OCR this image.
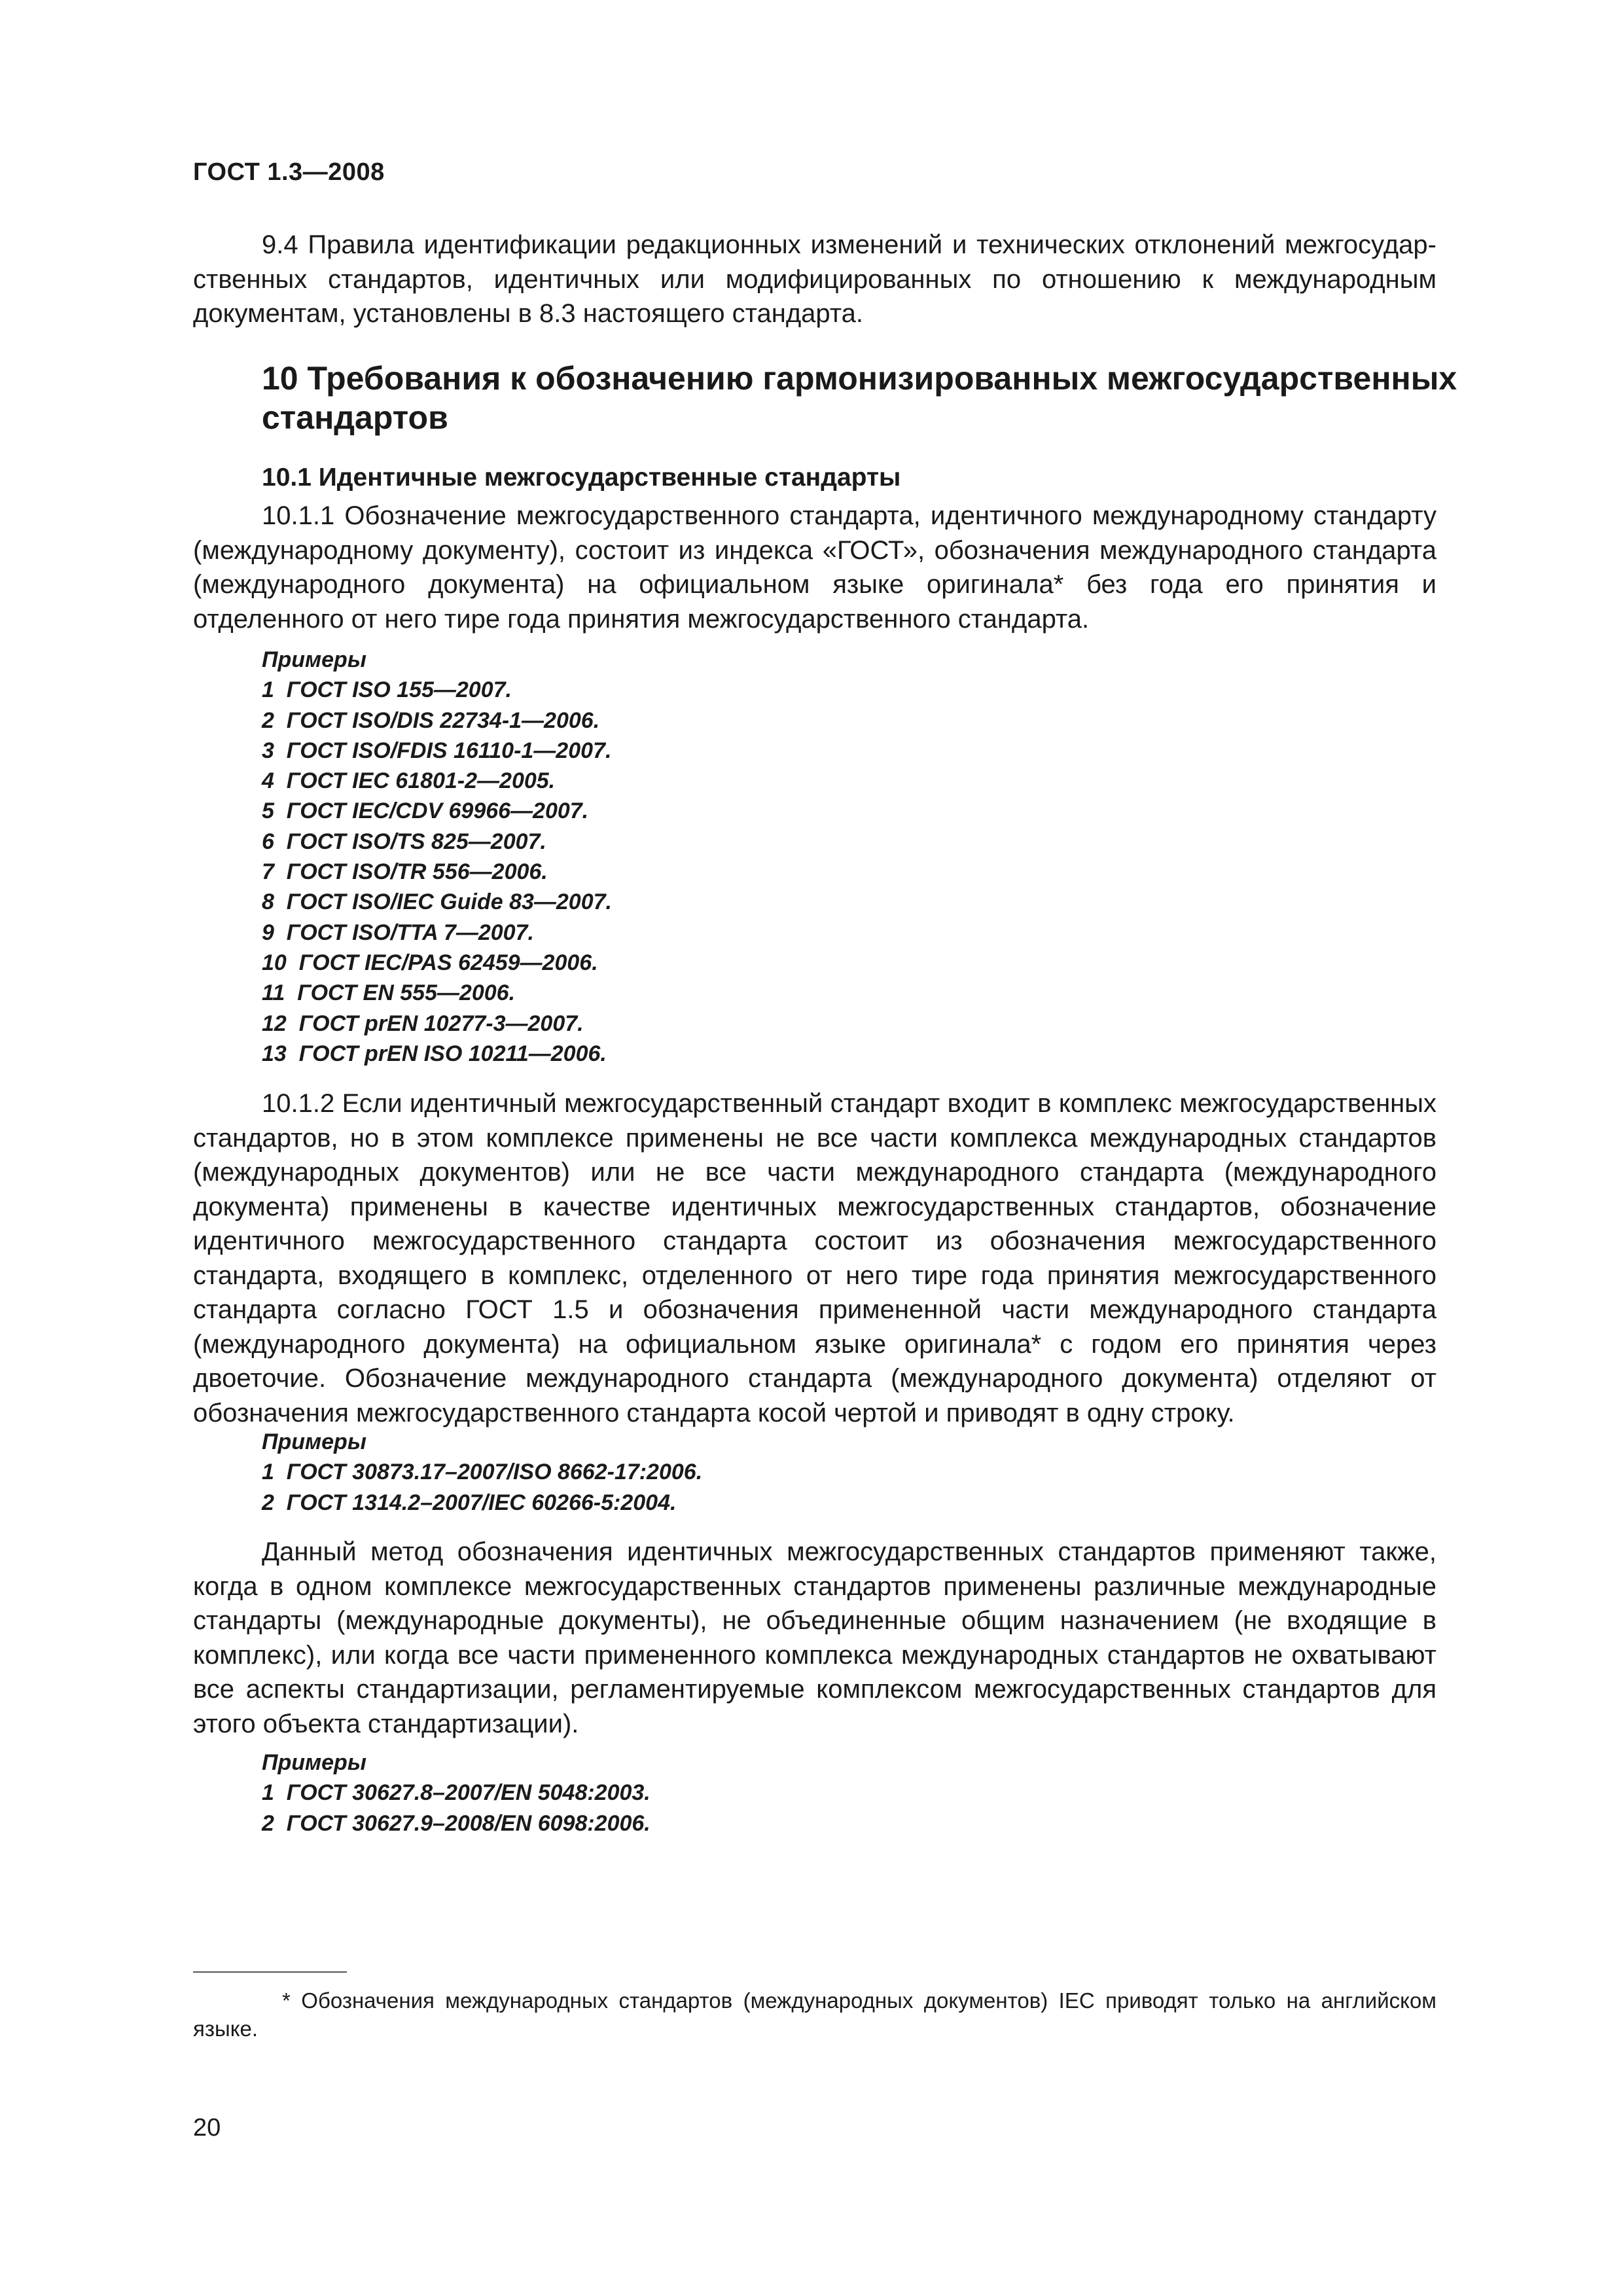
ГОСТ 1.3—2008

9.4 Правила идентификации редакционных изменений и технических отклонений межгосударственных стандартов, идентичных или модифицированных по отношению к международным документам, установлены в 8.3 настоящего стандарта.

10 Требования к обозначению гармонизированных межгосударственных стандартов
10.1 Идентичные межгосударственные стандарты

10.1.1 Обозначение межгосударственного стандарта, идентичного международному стандарту (международному документу), состоит из индекса «ГОСТ», обозначения международного стандарта (международного документа) на официальном языке оригинала* без года его принятия и отделенного от него тире года принятия межгосударственного стандарта.

Примеры
1  ГОСТ ISO 155—2007.
2  ГОСТ ISO/DIS 22734-1—2006.
3  ГОСТ ISO/FDIS 16110-1—2007.
4  ГОСТ IEC 61801-2—2005.
5  ГОСТ IEC/CDV 69966—2007.
6  ГОСТ ISO/TS 825—2007.
7  ГОСТ ISO/TR 556—2006.
8  ГОСТ ISO/IEC Guide 83—2007.
9  ГОСТ ISO/TTA 7—2007.
10  ГОСТ IEC/PAS 62459—2006.
11  ГОСТ EN 555—2006.
12  ГОСТ prEN 10277-3—2007.
13  ГОСТ prEN ISO 10211—2006.

10.1.2 Если идентичный межгосударственный стандарт входит в комплекс межгосударственных стандартов, но в этом комплексе применены не все части комплекса международных стандартов (международных документов) или не все части международного стандарта (международного документа) применены в качестве идентичных межгосударственных стандартов, обозначение идентичного межгосударственного стандарта состоит из обозначения межгосударственного стандарта, входящего в комплекс, отделенного от него тире года принятия межгосударственного стандарта согласно ГОСТ 1.5 и обозначения примененной части международного стандарта (международного документа) на официальном языке оригинала* с годом его принятия через двоеточие. Обозначение международного стандарта (международного документа) отделяют от обозначения межгосударственного стандарта косой чертой и приводят в одну строку.

Примеры
1  ГОСТ 30873.17–2007/ISO 8662-17:2006.
2  ГОСТ 1314.2–2007/IEC 60266-5:2004.

Данный метод обозначения идентичных межгосударственных стандартов применяют также, когда в одном комплексе межгосударственных стандартов применены различные международные стандарты (международные документы), не объединенные общим назначением (не входящие в комплекс), или когда все части примененного комплекса международных стандартов не охватывают все аспекты стандартизации, регламентируемые комплексом межгосударственных стандартов для этого объекта стандартизации).

Примеры
1  ГОСТ 30627.8–2007/EN 5048:2003.
2  ГОСТ 30627.9–2008/EN 6098:2006.
* Обозначения международных стандартов (международных документов) IEC приводят только на английском языке.
20
